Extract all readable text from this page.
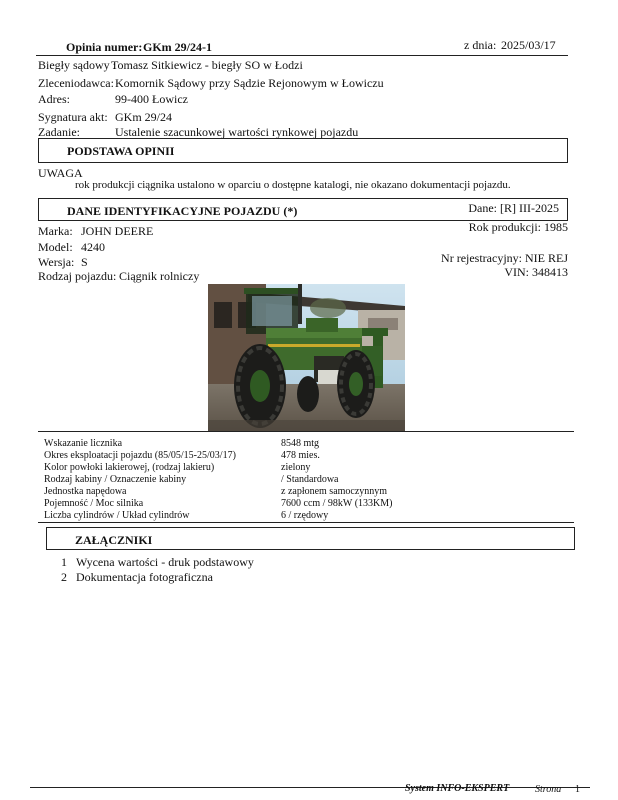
Opinia numer: GKm 29/24-1	z dnia: 2025/03/17
Biegły sądowy :
Tomasz Sitkiewicz - biegły SO w Łodzi
Zleceniodawca: Komornik Sądowy przy Sądzie Rejonowym w Łowiczu
Adres:	99-400 Łowicz
Sygnatura akt: GKm 29/24
Zadanie:	Ustalenie szacunkowej wartości rynkowej pojazdu
PODSTAWA OPINII
UWAGA
rok produkcji ciągnika ustalono w oparciu o dostępne katalogi, nie okazano dokumentacji pojazdu.
DANE IDENTYFIKACYJNE POJAZDU (*)	Dane: [R] III-2025
Marka: JOHN DEERE
Model: 4240
Wersja: S
Rodzaj pojazdu: Ciągnik rolniczy
Rok produkcji: 1985
Nr rejestracyjny: NIE REJ
VIN: 348413
Wskazanie licznika	8548 mtg
Okres eksploatacji pojazdu (85/05/15-25/03/17)	478 mies.
Kolor powłoki lakierowej, (rodzaj lakieru)	zielony
Rodzaj kabiny / Oznaczenie kabiny	/ Standardowa
Jednostka napędowa	z zapłonem samoczynnym
Pojemność / Moc silnika	7600 ccm / 98kW (133KM)
Liczba cylindrów / Układ cylindrów	6 / rzędowy
ZAŁĄCZNIKI
1 Wycena wartości - druk podstawowy
2 Dokumentacja fotograficzna
System INFO-EKSPERT	Strona 1
